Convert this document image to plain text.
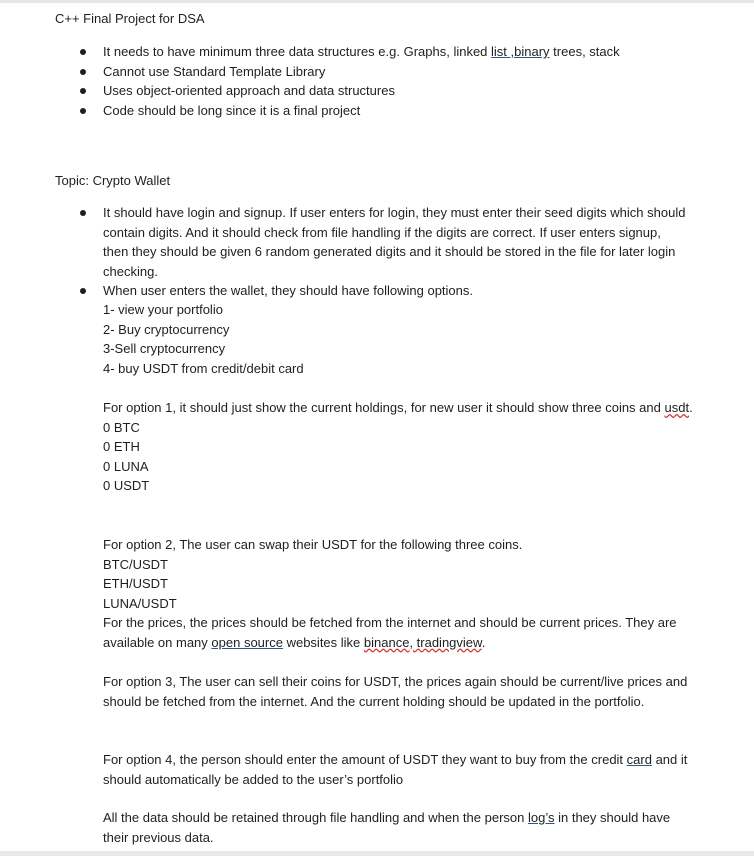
C++ Final Project for DSA
It needs to have minimum three data structures e.g. Graphs, linked list ,binary trees, stack
Cannot use Standard Template Library
Uses object-oriented approach and data structures
Code should be long since it is a final project
Topic: Crypto Wallet
It should have login and signup. If user enters for login, they must enter their seed digits which should contain digits. And it should check from file handling if the digits are correct. If user enters signup, then they should be given 6 random generated digits and it should be stored in the file for later login checking.
When user enters the wallet, they should have following options.
1- view your portfolio
2- Buy cryptocurrency
3-Sell cryptocurrency
4- buy USDT from credit/debit card
For option 1, it should just show the current holdings, for new user it should show three coins and usdt.
0 BTC
0 ETH
0 LUNA
0 USDT
For option 2, The user can swap their USDT for the following three coins.
BTC/USDT
ETH/USDT
LUNA/USDT
For the prices, the prices should be fetched from the internet and should be current prices. They are available on many open source websites like binance, tradingview.
For option 3, The user can sell their coins for USDT, the prices again should be current/live prices and should be fetched from the internet. And the current holding should be updated in the portfolio.
For option 4, the person should enter the amount of USDT they want to buy from the credit card and it should automatically be added to the user’s portfolio
All the data should be retained through file handling and when the person log’s in they should have their previous data.
